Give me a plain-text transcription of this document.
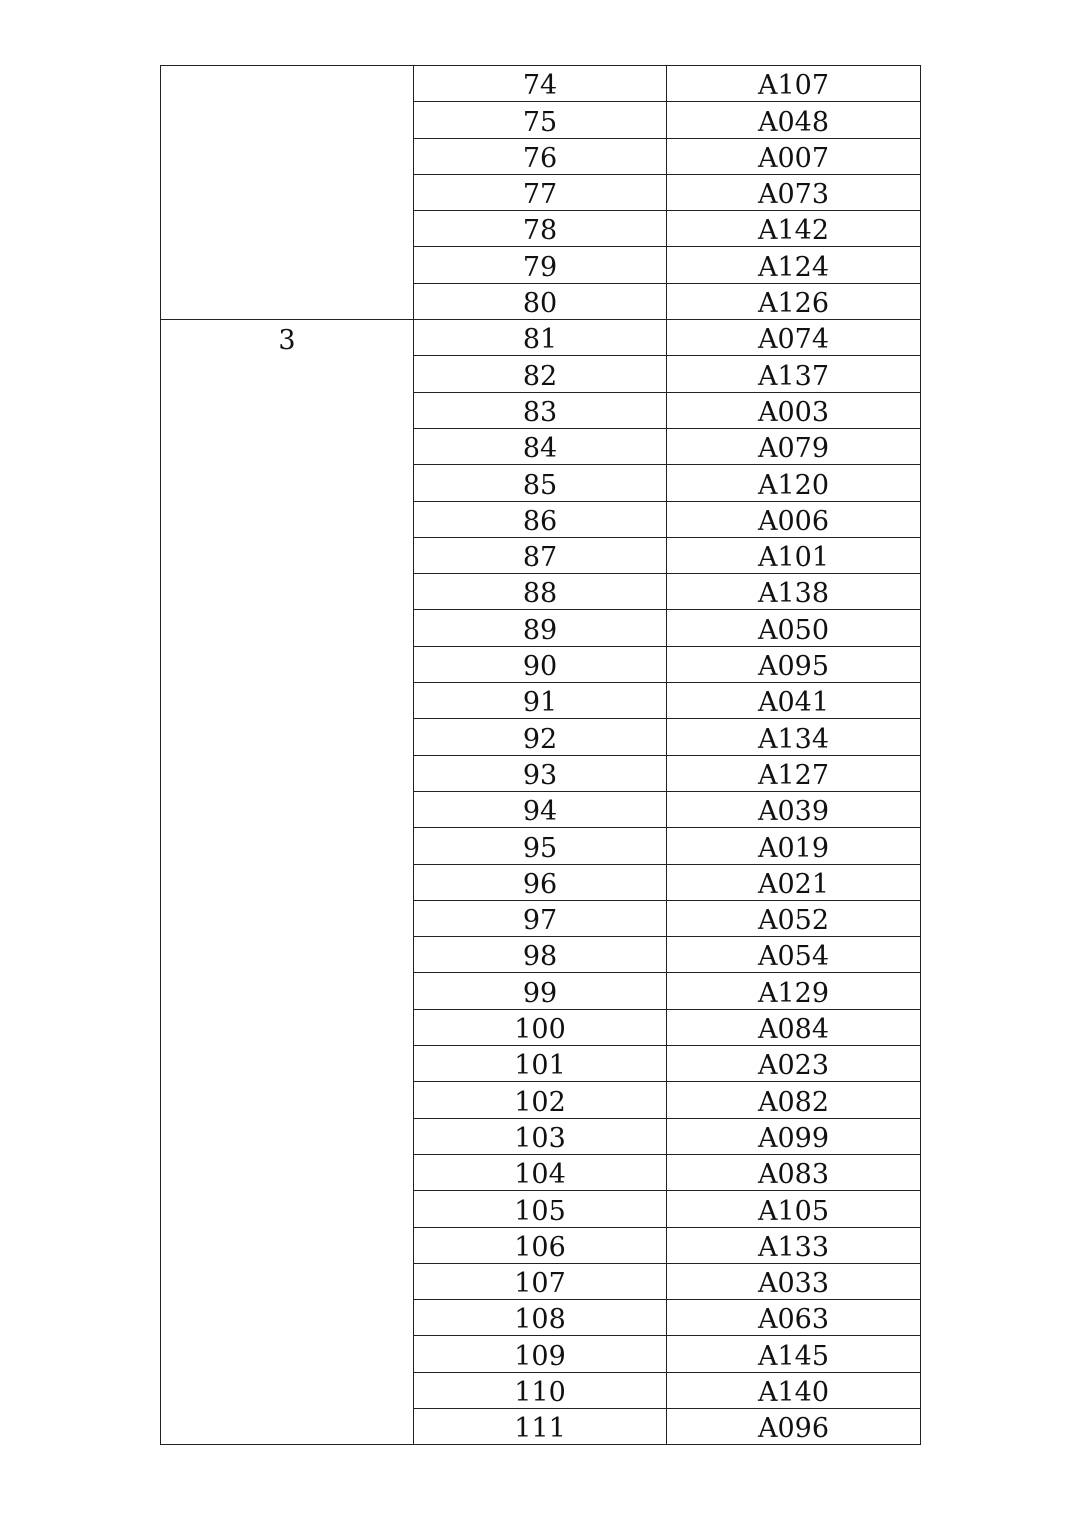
	74	A107
	75	A048
	76	A007
	77	A073
	78	A142
	79	A124
	80	A126
3	81	A074
	82	A137
	83	A003
	84	A079
	85	A120
	86	A006
	87	A101
	88	A138
	89	A050
	90	A095
	91	A041
	92	A134
	93	A127
	94	A039
	95	A019
	96	A021
	97	A052
	98	A054
	99	A129
	100	A084
	101	A023
	102	A082
	103	A099
	104	A083
	105	A105
	106	A133
	107	A033
	108	A063
	109	A145
	110	A140
	111	A096
